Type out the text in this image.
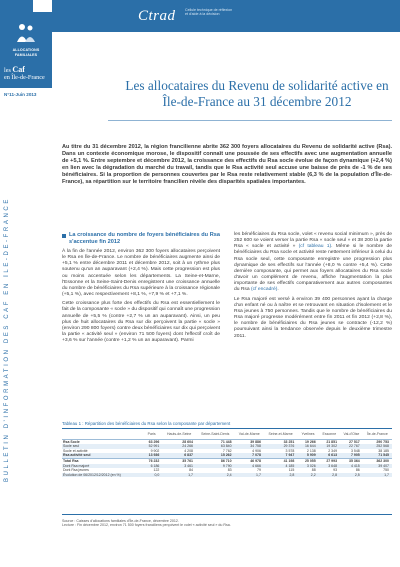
Ctrad	Cellule technique de réflexion
et d'aide à la décision
ALLOCATIONS
FAMILIALES
les Caf
en Île-de-France
N°11-Juin 2013
BULLETIN D'INFORMATION DES CAF EN ÎLE-DE-FRANCE
Les allocataires du Revenu de solidarité active en
Île-de-France au 31 décembre 2012

Au titre du 31 décembre 2012, la région francilienne abrite 362 300 foyers allocataires du Revenu de solidarité active (Rsa). Dans un contexte économique morose, le dispositif connaît une poussée de ses effectifs avec une augmentation annuelle de +5,1 %. Entre septembre et décembre 2012, la croissance des effectifs du Rsa socle évolue de façon dynamique (+2,4 %) en lien avec la dégradation du marché du travail, tandis que le Rsa activité seul accuse une baisse de près de -1 % de ses bénéficiaires. Si la proportion de personnes couvertes par le Rsa reste relativement stable (6,3 % de la population d'Île-de-France), sa répartition sur le territoire francilien révèle des disparités spatiales importantes.

La croissance du nombre de foyers bénéficiaires du Rsa s'accentue fin 2012

À la fin de l'année 2012, environ 362 300 foyers allocataires perçoivent le Rsa en Île-de-France. Le nombre de bénéficiaires augmente ainsi de +5,1 % entre décembre 2011 et décembre 2012, soit à un rythme plus soutenu qu'un an auparavant (+2,4 %). Mais cette progression est plus ou moins accentuée selon les départements. La Seine-et-Marne, l'Essonne et la Seine-Saint-Denis enregistrent une croissance annuelle du nombre de bénéficiaires du Rsa supérieure à la croissance régionale (+5,1 %), avec respectivement +8,1 %, +7,9 % et +7,1 %.

Cette croissance plus forte des effectifs du Rsa est essentiellement le fait de la composante « socle » du dispositif qui connaît une progression annuelle de +5,5 % (contre +2,7 % un an auparavant). Ainsi, un peu plus de huit allocataires du Rsa sur dix perçoivent la partie « socle » (environ 290 800 foyers) contre deux bénéficiaires sur dix qui perçoivent la partie « activité seul » (environ 71 500 foyers) dont l'effectif croît de +3,6 % sur l'année (contre +1,2 % un an auparavant). Parmi

les bénéficiaires du Rsa socle, volet « revenu social minimum », près de 252 600 se voient verser la partie Rsa « socle seul » et 38 200 la partie Rsa « socle et activité » (cf tableau 1). Même si le nombre de bénéficiaires du Rsa socle et activité reste nettement inférieur à celui du Rsa socle seul, cette composante enregistre une progression plus dynamique de ses effectifs sur l'année (+8,0 % contre +5,4 %). Cette dernière composante, qui permet aux foyers allocataires du Rsa socle d'avoir un complément de revenu, affiche l'augmentation la plus importante de ses effectifs comparativement aux autres composantes du Rsa (cf encadré).

Le Rsa majoré est versé à environ 39 400 personnes ayant la charge d'un enfant né ou à naître et se retrouvant en situation d'isolement et le Rsa jeunes à 750 personnes. Tandis que le nombre de bénéficiaires du Rsa majoré progresse modérément entre fin 2011 et fin 2012 (+2,8 %), le nombre de bénéficiaires du Rsa jeunes se contracte (-12,2 %) poursuivant ainsi la tendance observée depuis le deuxième trimestre 2011.

Tableau 1 : Répartition des bénéficiaires du Rsa selon la composante par département
	Paris	Hauts-de-Seine	Seine-Saint-Denis	Val-de-Marne	Seine-et-Marne	Yvelines	Essonne	Val-d'Oise	Île-de-France
Rsa Socle	63 296	28 604	71 448	39 886	33 251	19 266	21 851	27 517	290 753
Socle seul	52 991	24 266	63 840	34 758	29 376	16 644	19 302	22 767	252 568
Socle et activité	9 902	4 208	7 762	4 906	3 578	2 138	2 349	3 548	38 185
Rsa activité seul	13 936	6 837	15 262	7 078	7 947	5 909	6 613	7 905	71 545
Total Rsa	76 232	35 761	86 710	46 978	41 198	25 055	27 993	35 364	362 300
Dont Rsa majoré	6 186	3 461	9 790	4 666	4 185	3 026	3 648	4 415	39 407
Dont Rsa jeunes	122	84	83	79	115	88	93	86	750
Évolution de 06/2012/12/2012 (en %)	0,0	1,7	2,4	1,7	2,8	2,2	2,8	2,5	1,7
Source : Caisses d'allocations familiales d'Île-de-France, décembre 2012.
Lecture : Fin décembre 2012, environ 71 500 foyers franciliens perçoivent le volet « activité seul » du Rsa.
